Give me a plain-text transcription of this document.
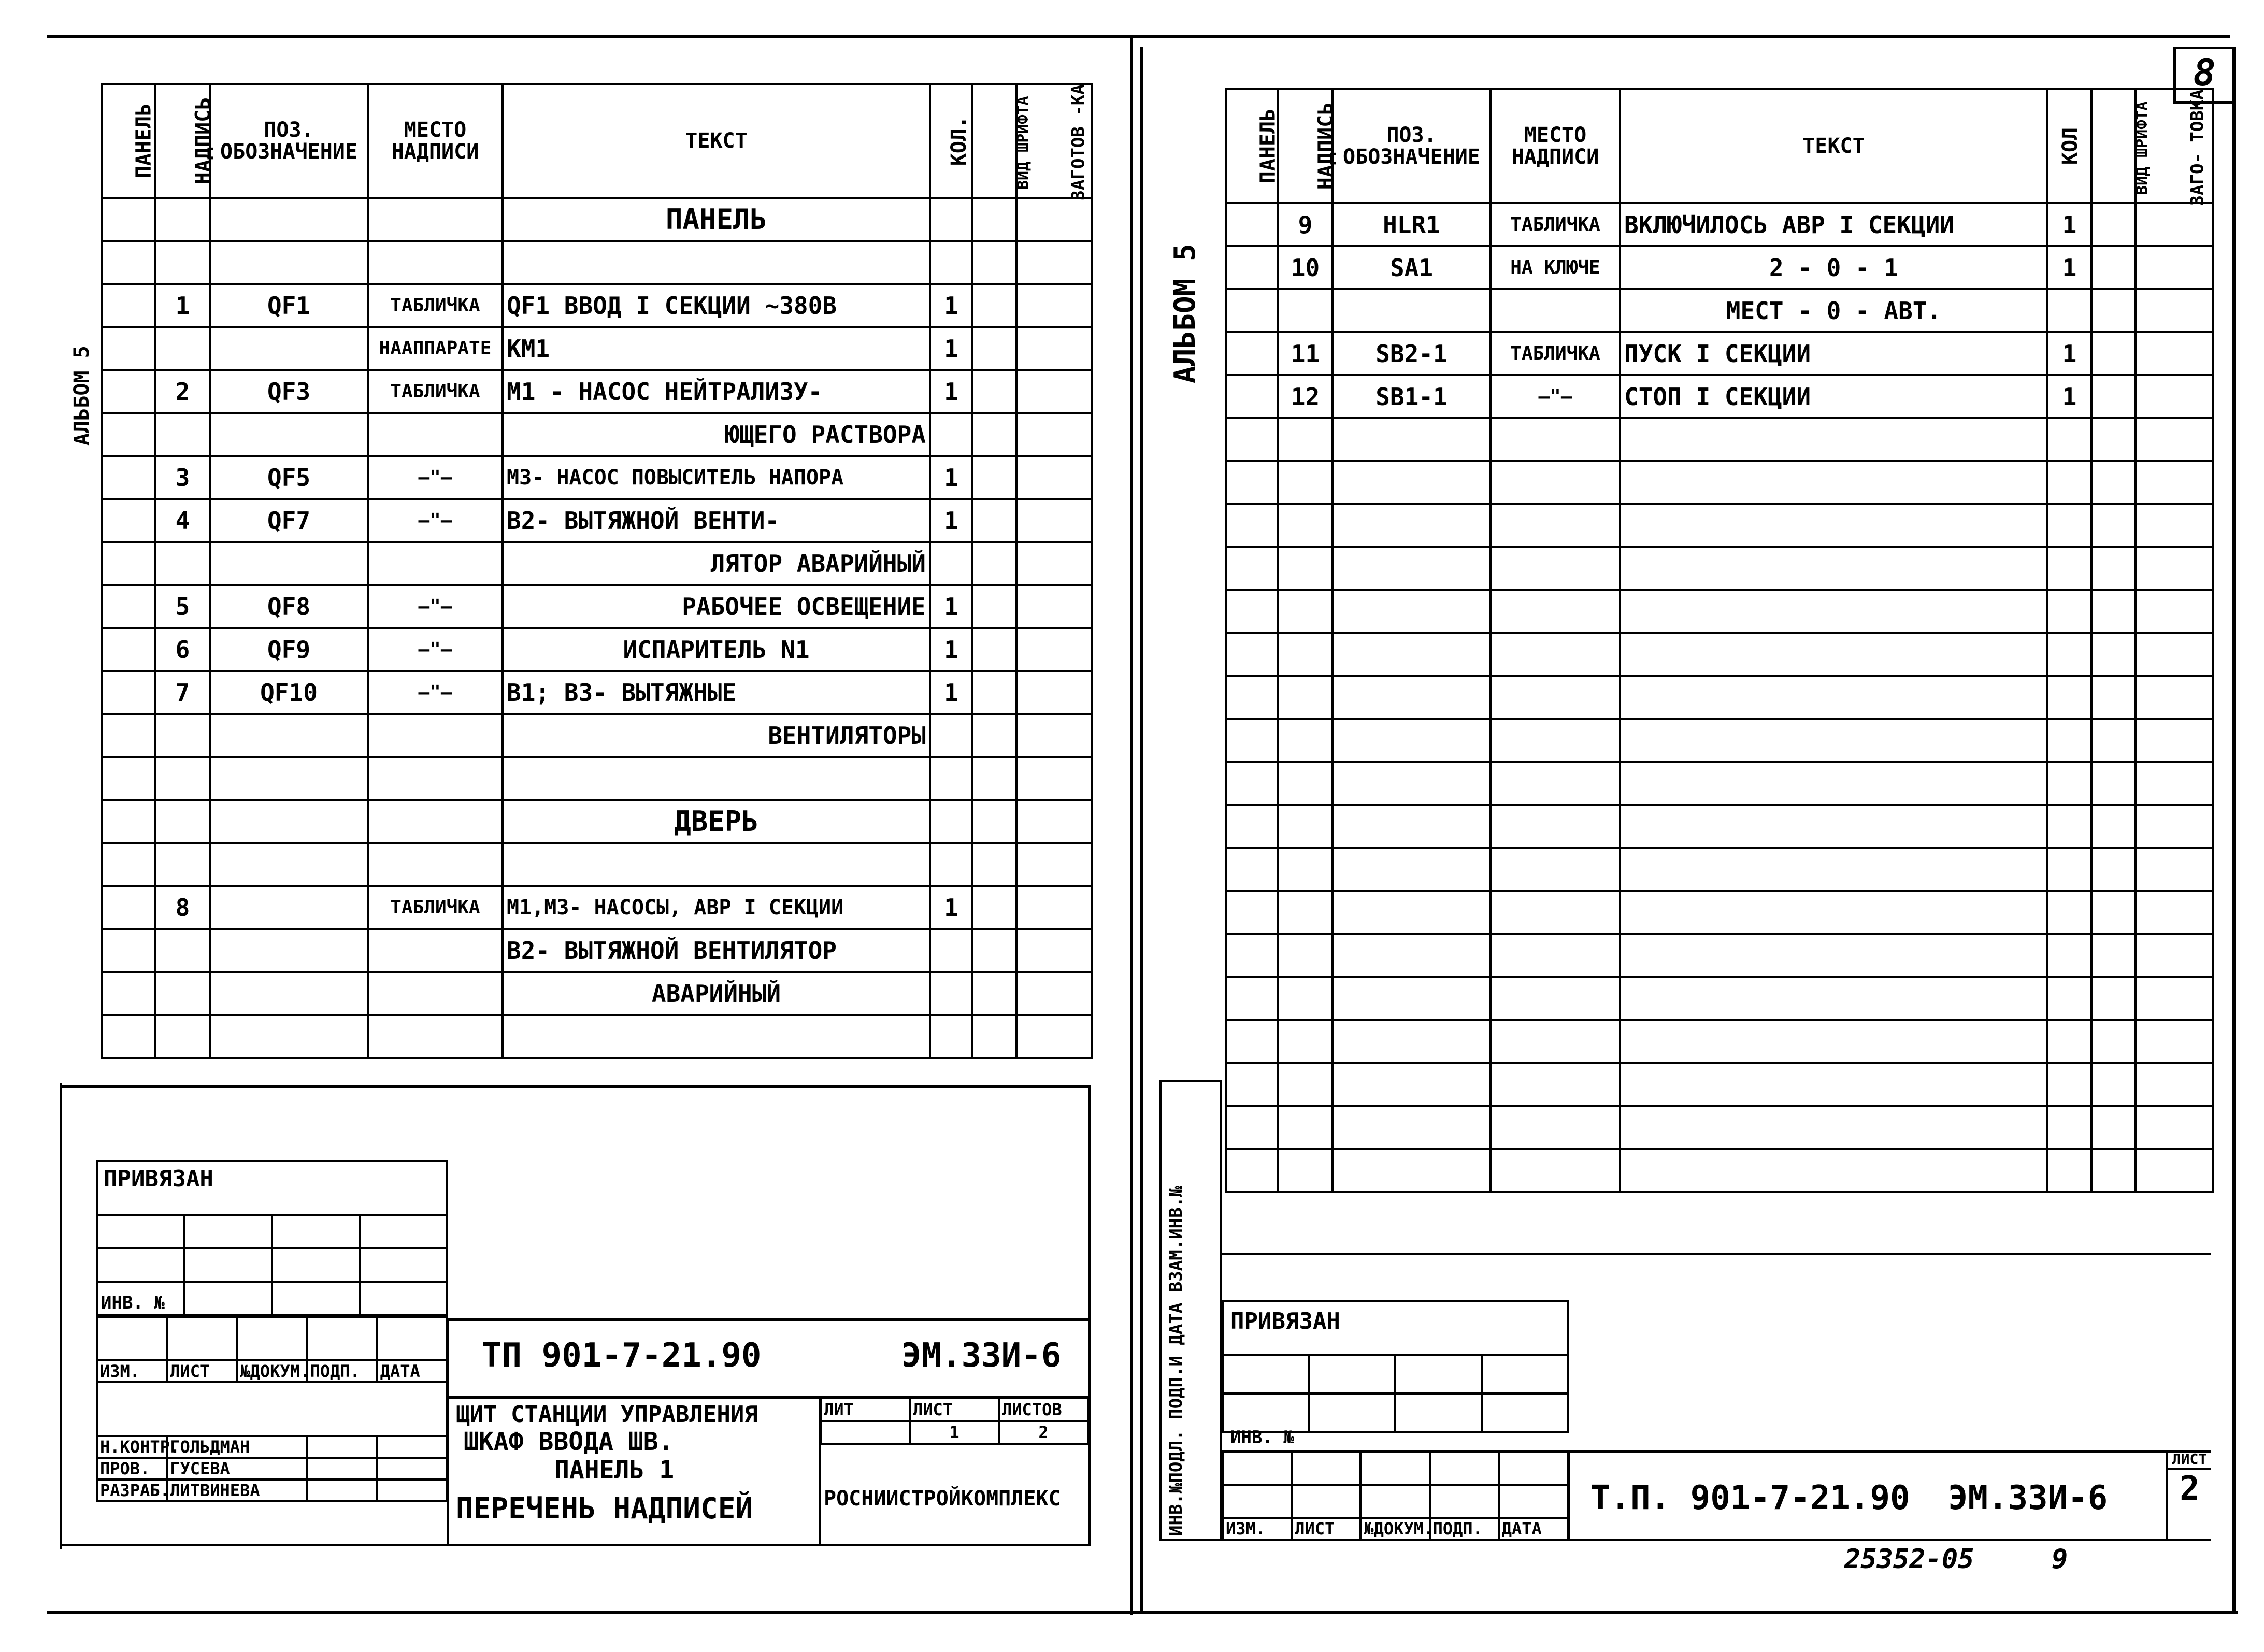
АЛЬБОМ 5
ПАНЕЛЬ	НАДПИСЬ	ПОЗ. ОБОЗНАЧЕНИЕ	МЕСТО НАДПИСИ	ТЕКСТ	КОЛ.	ВИД ШРИФТА	ЗАГОТОВ -КА
				ПАНЕЛЬ			

	1	QF1	ТАБЛИЧКА	QF1 ВВОД I СЕКЦИИ ~380В	1		
			НААППАРАТЕ	КМ1	1		
	2	QF3	ТАБЛИЧКА	М1 - НАСОС НЕЙТРАЛИЗУ-	1		
				ЮЩЕГО РАСТВОРА			
	3	QF5	—"—	М3- НАСОС ПОВЫСИТЕЛЬ НАПОРА	1		
	4	QF7	—"—	В2- ВЫТЯЖНОЙ ВЕНТИ-	1		
				ЛЯТОР АВАРИЙНЫЙ			
	5	QF8	—"—	РАБОЧЕЕ ОСВЕЩЕНИЕ	1		
	6	QF9	—"—	ИСПАРИТЕЛЬ N1	1		
	7	QF10	—"—	В1; В3- ВЫТЯЖНЫЕ	1		
				ВЕНТИЛЯТОРЫ			

				ДВЕРЬ			

	8		ТАБЛИЧКА	М1,М3- НАСОСЫ, АВР I СЕКЦИИ	1		
				В2- ВЫТЯЖНОЙ ВЕНТИЛЯТОР			
				АВАРИЙНЫЙ			

ПРИВЯЗАН

ИНВ. №

ИЗМ.	ЛИСТ	№ДОКУМ.	ПОДП.	ДАТА

Н.КОНТР.	ГОЛЬДМАН			
ПРОВ.	ГУСЕВА			
РАЗРАБ.	ЛИТВИНЕВА			
ТП 901-7-21.90	ЭМ.33И-6
ЩИТ СТАНЦИИ УПРАВЛЕНИЯ
ШКАФ ВВОДА ШВ.
ПАНЕЛЬ 1
ПЕРЕЧЕНЬ НАДПИСЕЙ
ЛИТ	ЛИСТ	ЛИСТОВ
	1	2
РОСНИИСТРОЙКОМПЛЕКС
8
АЛЬБОМ 5
ПАНЕЛЬ	НАДПИСЬ	ПОЗ. ОБОЗНАЧЕНИЕ	МЕСТО НАДПИСИ	ТЕКСТ	КОЛ	ВИД ШРИФТА	ЗАГО- ТОВКА
	9	HLR1	ТАБЛИЧКА	ВКЛЮЧИЛОСЬ АВР I СЕКЦИИ	1		
	10	SA1	НА КЛЮЧЕ	2 - 0 - 1	1		
				МЕСТ - 0 - АВТ.			
	11	SB2-1	ТАБЛИЧКА	ПУСК I СЕКЦИИ	1		
	12	SB1-1	—"—	СТОП I СЕКЦИИ	1		

ИНВ.№ПОДЛ. ПОДП.И ДАТА ВЗАМ.ИНВ.№ ПРИВЯЗАН

ИНВ. №

ИЗМ.	ЛИСТ	№ДОКУМ.	ПОДП.	ДАТА
Т.П. 901-7-21.90 ЭМ.33И-6
ЛИСТ
2
25352-05	9
